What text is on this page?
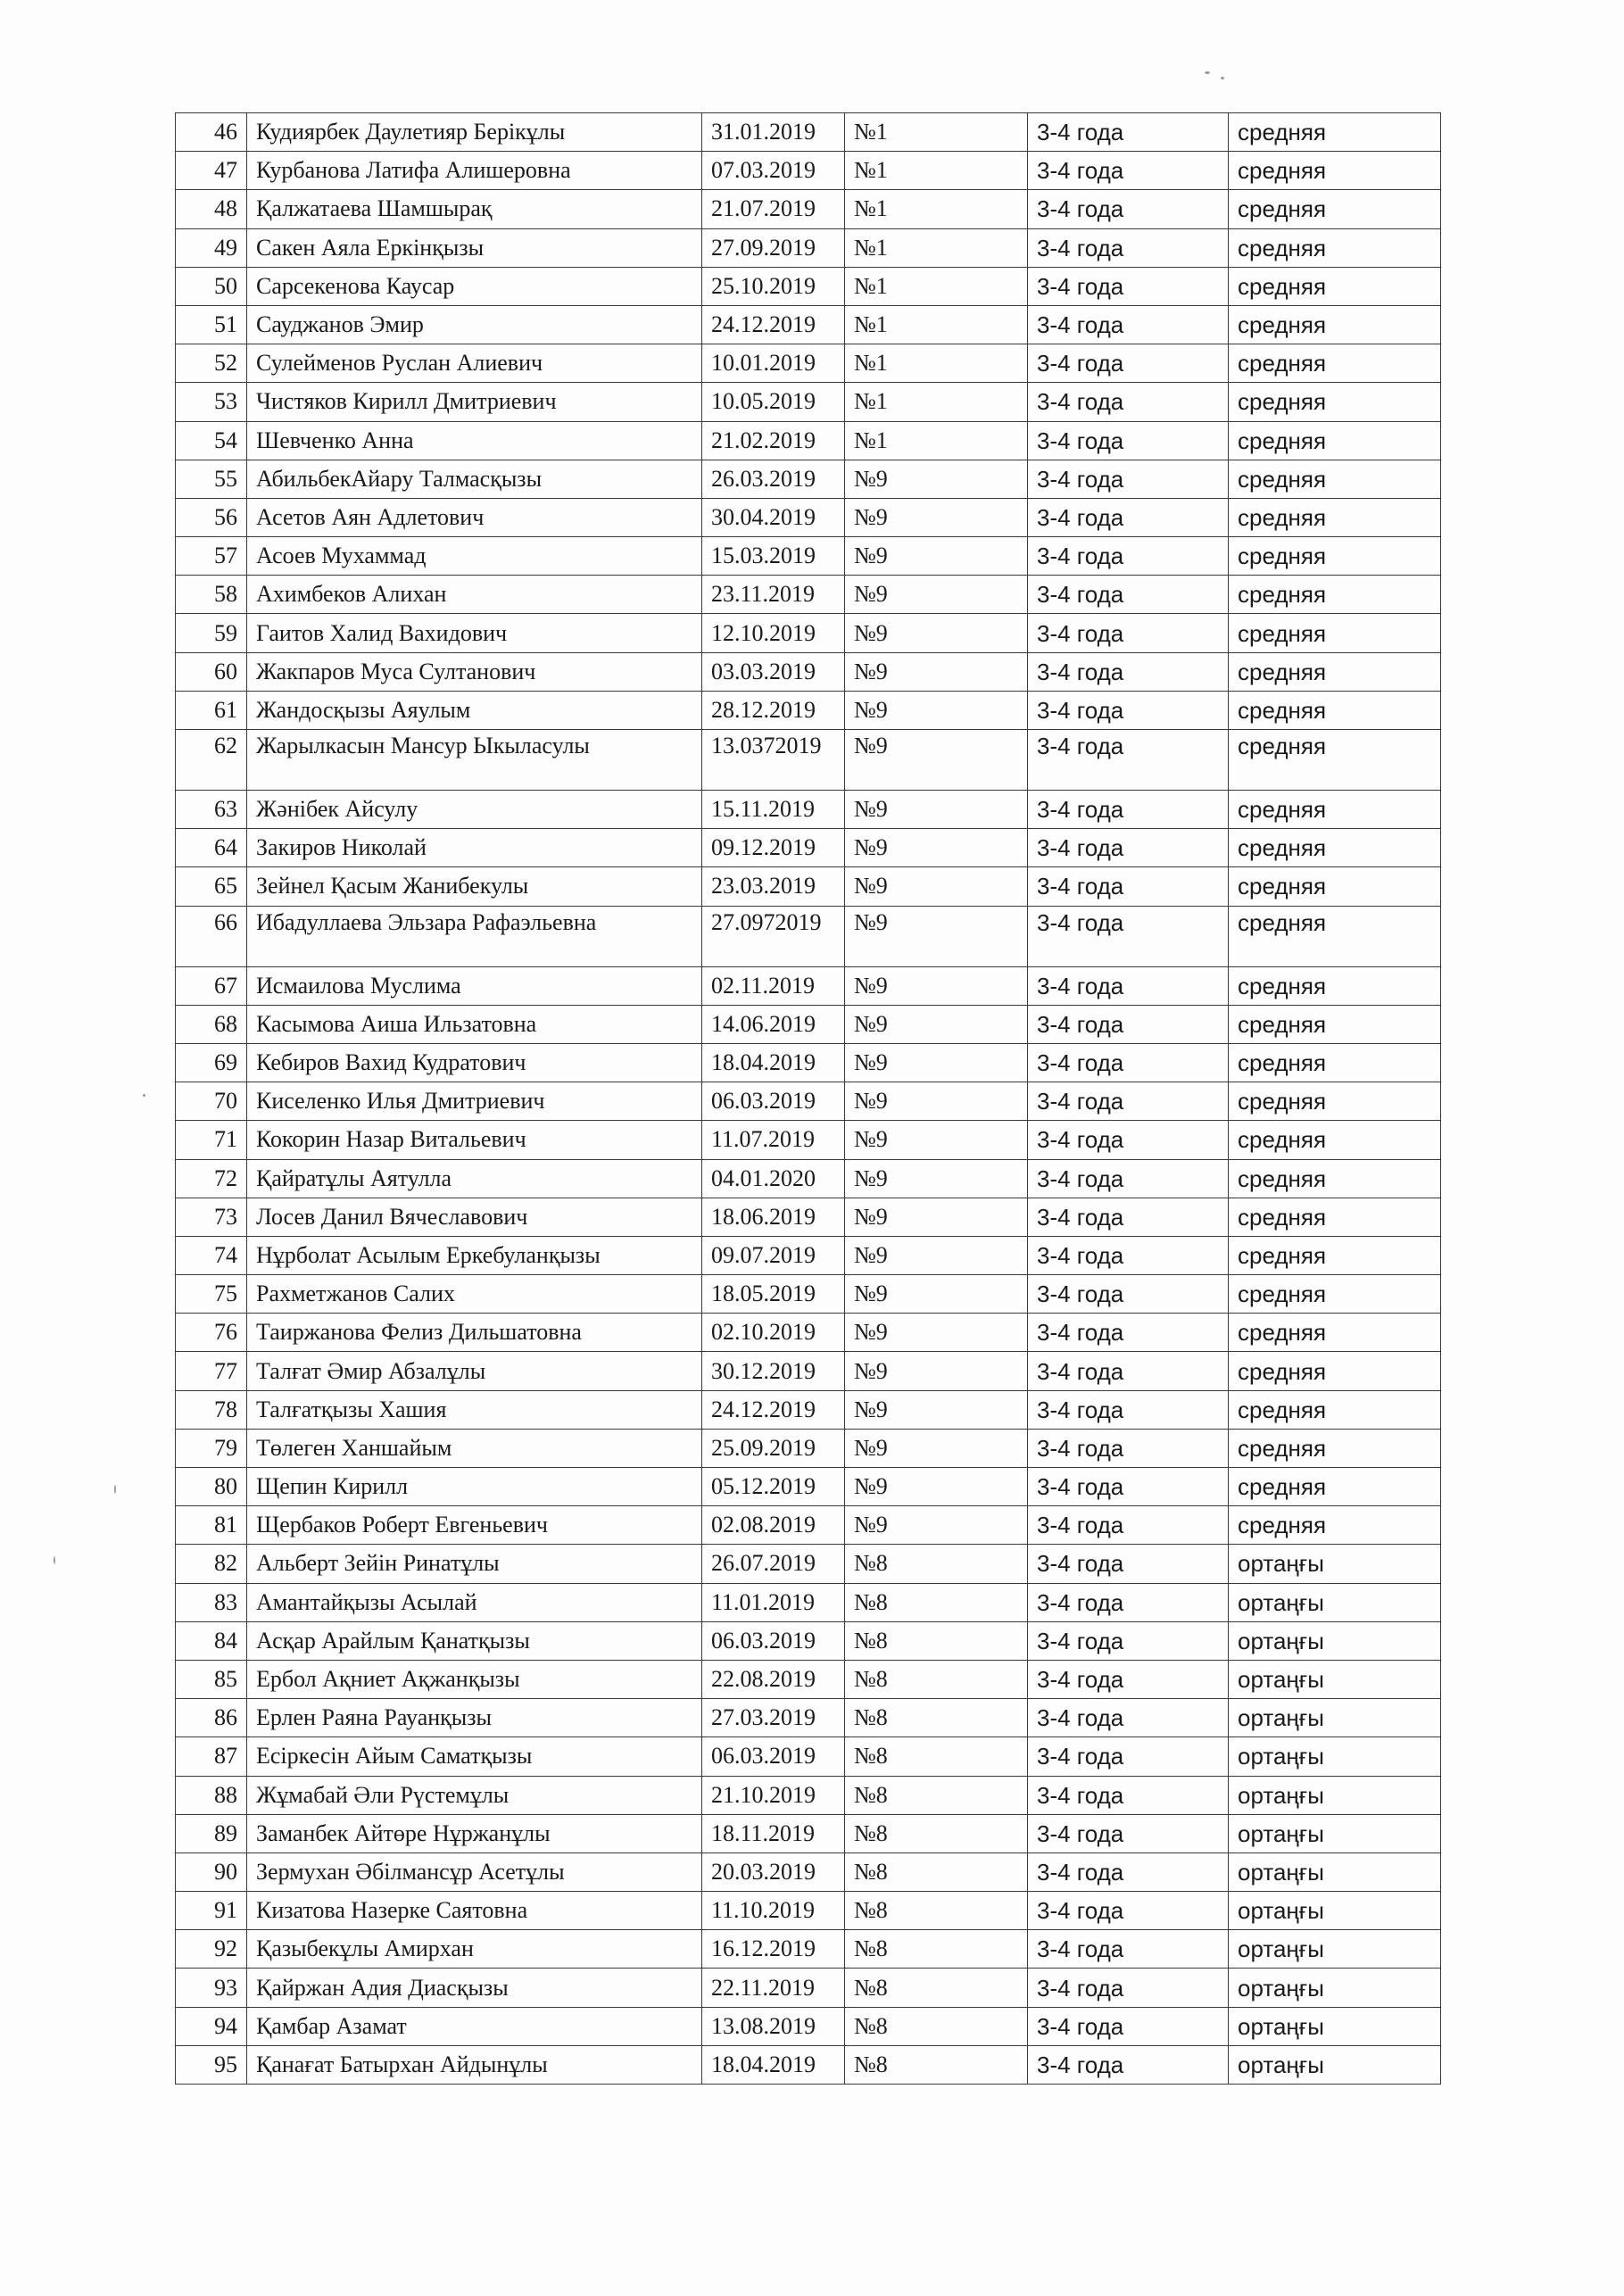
46	Кудиярбек Даулетияр Берікұлы	31.01.2019	№1	3-4 года	средняя
47	Курбанова Латифа Алишеровна	07.03.2019	№1	3-4 года	средняя
48	Қалжатаева Шамшырақ	21.07.2019	№1	3-4 года	средняя
49	Сакен Аяла Еркінқызы	27.09.2019	№1	3-4 года	средняя
50	Сарсекенова Каусар	25.10.2019	№1	3-4 года	средняя
51	Сауджанов Эмир	24.12.2019	№1	3-4 года	средняя
52	Сулейменов Руслан Алиевич	10.01.2019	№1	3-4 года	средняя
53	Чистяков Кирилл Дмитриевич	10.05.2019	№1	3-4 года	средняя
54	Шевченко Анна	21.02.2019	№1	3-4 года	средняя
55	АбильбекАйару Талмасқызы	26.03.2019	№9	3-4 года	средняя
56	Асетов Аян Адлетович	30.04.2019	№9	3-4 года	средняя
57	Асоев Мухаммад	15.03.2019	№9	3-4 года	средняя
58	Ахимбеков Алихан	23.11.2019	№9	3-4 года	средняя
59	Гаитов Халид Вахидович	12.10.2019	№9	3-4 года	средняя
60	Жакпаров Муса Султанович	03.03.2019	№9	3-4 года	средняя
61	Жандосқызы Аяулым	28.12.2019	№9	3-4 года	средняя
62	Жарылкасын Мансур Ыкыласулы	13.0372019	№9	3-4 года	средняя
63	Жәнібек Айсулу	15.11.2019	№9	3-4 года	средняя
64	Закиров Николай	09.12.2019	№9	3-4 года	средняя
65	Зейнел Қасым Жанибекулы	23.03.2019	№9	3-4 года	средняя
66	Ибадуллаева Эльзара Рафаэльевна	27.0972019	№9	3-4 года	средняя
67	Исмаилова Муслима	02.11.2019	№9	3-4 года	средняя
68	Касымова Аиша Ильзатовна	14.06.2019	№9	3-4 года	средняя
69	Кебиров Вахид Кудратович	18.04.2019	№9	3-4 года	средняя
70	Киселенко Илья Дмитриевич	06.03.2019	№9	3-4 года	средняя
71	Кокорин Назар Витальевич	11.07.2019	№9	3-4 года	средняя
72	Қайратұлы Аятулла	04.01.2020	№9	3-4 года	средняя
73	Лосев Данил Вячеславович	18.06.2019	№9	3-4 года	средняя
74	Нұрболат Асылым Еркебуланқызы	09.07.2019	№9	3-4 года	средняя
75	Рахметжанов Салих	18.05.2019	№9	3-4 года	средняя
76	Таиржанова Фелиз Дильшатовна	02.10.2019	№9	3-4 года	средняя
77	Талғат Әмир Абзалұлы	30.12.2019	№9	3-4 года	средняя
78	Талғатқызы Хашия	24.12.2019	№9	3-4 года	средняя
79	Төлеген Ханшайым	25.09.2019	№9	3-4 года	средняя
80	Щепин Кирилл	05.12.2019	№9	3-4 года	средняя
81	Щербаков Роберт Евгеньевич	02.08.2019	№9	3-4 года	средняя
82	Альберт Зейін Ринатұлы	26.07.2019	№8	3-4 года	ортаңғы
83	Амантайқызы Асылай	11.01.2019	№8	3-4 года	ортаңғы
84	Асқар Арайлым Қанатқызы	06.03.2019	№8	3-4 года	ортаңғы
85	Ербол Ақниет Ақжанқызы	22.08.2019	№8	3-4 года	ортаңғы
86	Ерлен Раяна Рауанқызы	27.03.2019	№8	3-4 года	ортаңғы
87	Есіркесін Айым Саматқызы	06.03.2019	№8	3-4 года	ортаңғы
88	Жұмабай Әли Рүстемұлы	21.10.2019	№8	3-4 года	ортаңғы
89	Заманбек Айтөре Нұржанұлы	18.11.2019	№8	3-4 года	ортаңғы
90	Зермухан Әбілмансұр Асетұлы	20.03.2019	№8	3-4 года	ортаңғы
91	Кизатова Назерке Саятовна	11.10.2019	№8	3-4 года	ортаңғы
92	Қазыбекұлы Амирхан	16.12.2019	№8	3-4 года	ортаңғы
93	Қайржан Адия Диасқызы	22.11.2019	№8	3-4 года	ортаңғы
94	Қамбар Азамат	13.08.2019	№8	3-4 года	ортаңғы
95	Қанағат Батырхан Айдынұлы	18.04.2019	№8	3-4 года	ортаңғы
